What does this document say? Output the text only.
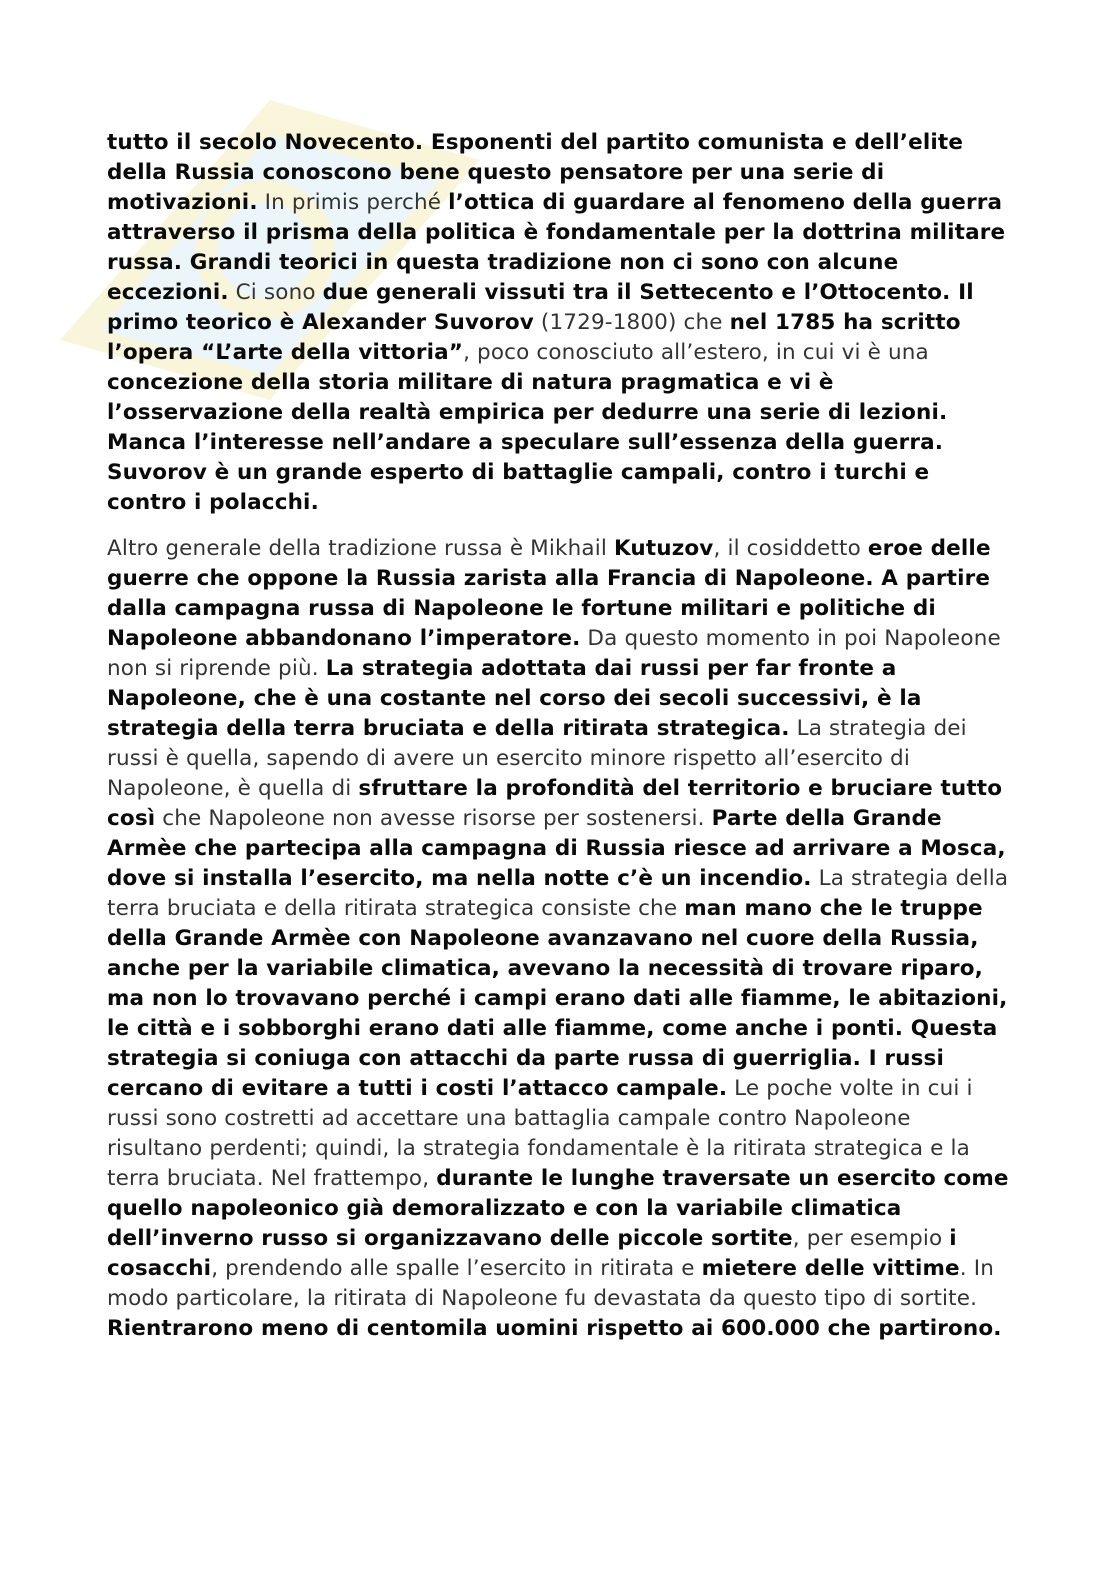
tutto il secolo Novecento. Esponenti del partito comunista e dell’elite della Russia conoscono bene questo pensatore per una serie di motivazioni. In primis perché l’ottica di guardare al fenomeno della guerra attraverso il prisma della politica è fondamentale per la dottrina militare russa. Grandi teorici in questa tradizione non ci sono con alcune eccezioni. Ci sono due generali vissuti tra il Settecento e l’Ottocento. Il primo teorico è Alexander Suvorov (1729-1800) che nel 1785 ha scritto l’opera “L’arte della vittoria”, poco conosciuto all’estero, in cui vi è una concezione della storia militare di natura pragmatica e vi è l’osservazione della realtà empirica per dedurre una serie di lezioni. Manca l’interesse nell’andare a speculare sull’essenza della guerra. Suvorov è un grande esperto di battaglie campali, contro i turchi e contro i polacchi.

Altro generale della tradizione russa è Mikhail Kutuzov, il cosiddetto eroe delle guerre che oppone la Russia zarista alla Francia di Napoleone. A partire dalla campagna russa di Napoleone le fortune militari e politiche di Napoleone abbandonano l’imperatore. Da questo momento in poi Napoleone non si riprende più. La strategia adottata dai russi per far fronte a Napoleone, che è una costante nel corso dei secoli successivi, è la strategia della terra bruciata e della ritirata strategica. La strategia dei russi è quella, sapendo di avere un esercito minore rispetto all’esercito di Napoleone, è quella di sfruttare la profondità del territorio e bruciare tutto così che Napoleone non avesse risorse per sostenersi. Parte della Grande Armèe che partecipa alla campagna di Russia riesce ad arrivare a Mosca, dove si installa l’esercito, ma nella notte c’è un incendio. La strategia della terra bruciata e della ritirata strategica consiste che man mano che le truppe della Grande Armèe con Napoleone avanzavano nel cuore della Russia, anche per la variabile climatica, avevano la necessità di trovare riparo, ma non lo trovavano perché i campi erano dati alle fiamme, le abitazioni, le città e i sobborghi erano dati alle fiamme, come anche i ponti. Questa strategia si coniuga con attacchi da parte russa di guerriglia. I russi cercano di evitare a tutti i costi l’attacco campale. Le poche volte in cui i russi sono costretti ad accettare una battaglia campale contro Napoleone risultano perdenti; quindi, la strategia fondamentale è la ritirata strategica e la terra bruciata. Nel frattempo, durante le lunghe traversate un esercito come quello napoleonico già demoralizzato e con la variabile climatica dell’inverno russo si organizzavano delle piccole sortite, per esempio i cosacchi, prendendo alle spalle l’esercito in ritirata e mietere delle vittime. In modo particolare, la ritirata di Napoleone fu devastata da questo tipo di sortite. Rientrarono meno di centomila uomini rispetto ai 600.000 che partirono.
